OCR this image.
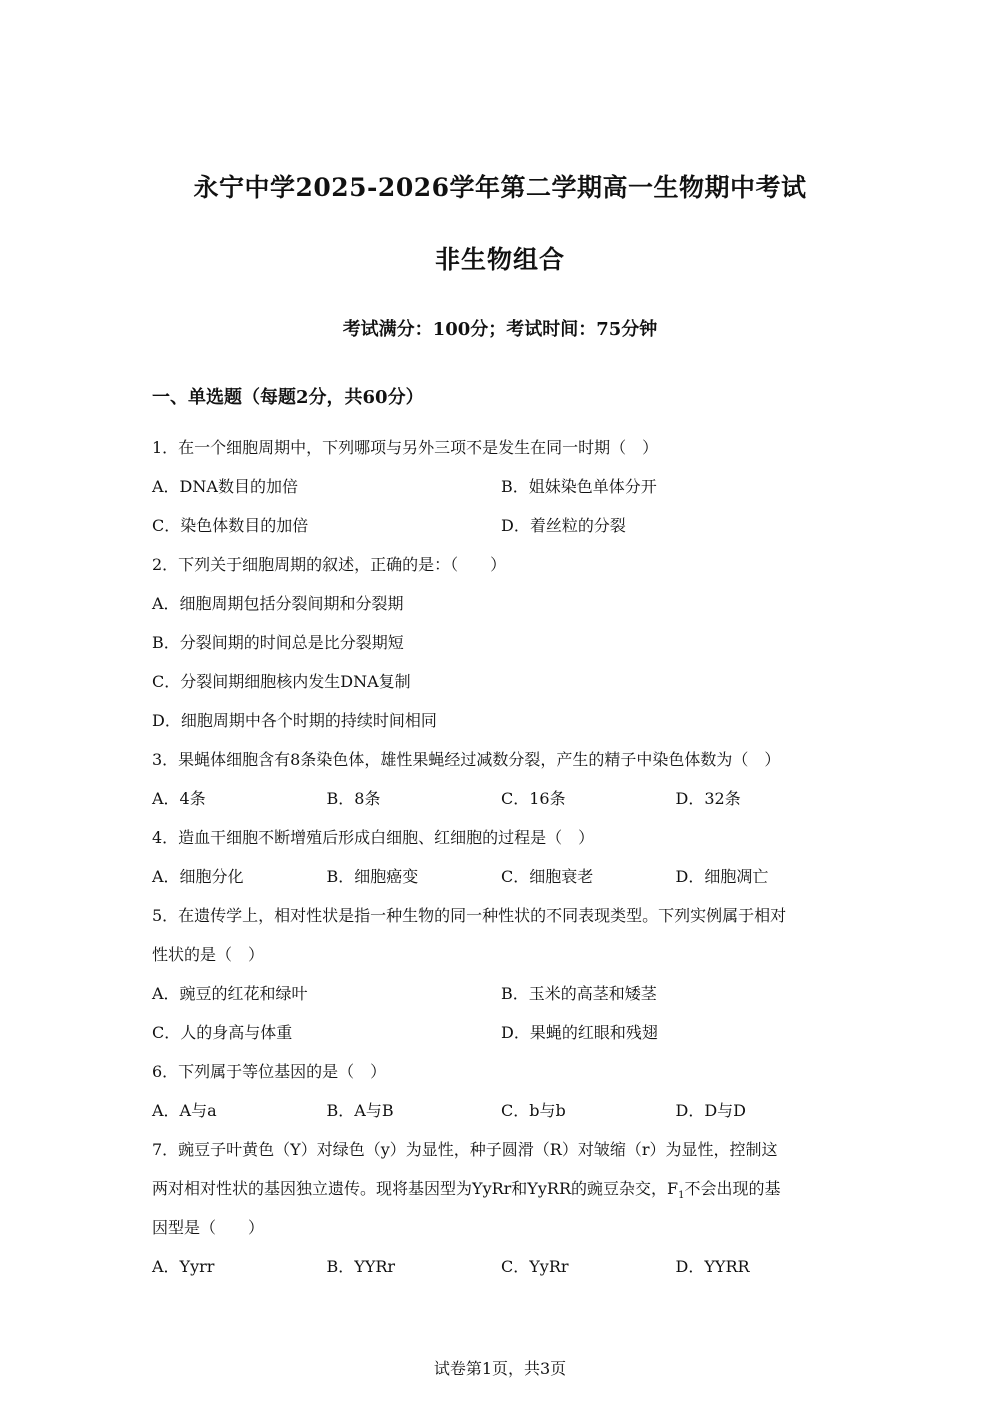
永宁中学2025-2026学年第二学期高一生物期中考试
非生物组合
考试满分：100分；考试时间：75分钟
一、单选题（每题2分，共60分）
1．在一个细胞周期中，下列哪项与另外三项不是发生在同一时期（　）
A．DNA数目的加倍	B．姐妹染色单体分开
C．染色体数目的加倍	D．着丝粒的分裂
2．下列关于细胞周期的叙述，正确的是：（　　）
A．细胞周期包括分裂间期和分裂期
B．分裂间期的时间总是比分裂期短
C．分裂间期细胞核内发生DNA复制
D．细胞周期中各个时期的持续时间相同
3．果蝇体细胞含有8条染色体，雄性果蝇经过减数分裂，产生的精子中染色体数为（　）
A．4条	B．8条	C．16条	D．32条
4．造血干细胞不断增殖后形成白细胞、红细胞的过程是（　）
A．细胞分化	B．细胞癌变	C．细胞衰老	D．细胞凋亡
5．在遗传学上，相对性状是指一种生物的同一种性状的不同表现类型。下列实例属于相对
性状的是（　）
A．豌豆的红花和绿叶	B．玉米的高茎和矮茎
C．人的身高与体重	D．果蝇的红眼和残翅
6．下列属于等位基因的是（　）
A．A与a	B．A与B	C．b与b	D．D与D
7．豌豆子叶黄色（Y）对绿色（y）为显性，种子圆滑（R）对皱缩（r）为显性，控制这
两对相对性状的基因独立遗传。现将基因型为YyRr和YyRR的豌豆杂交，$F_1$不会出现的基
因型是（　　）
A．Yyrr	B．YYRr	C．YyRr	D．YYRR
试卷第1页，共3页
